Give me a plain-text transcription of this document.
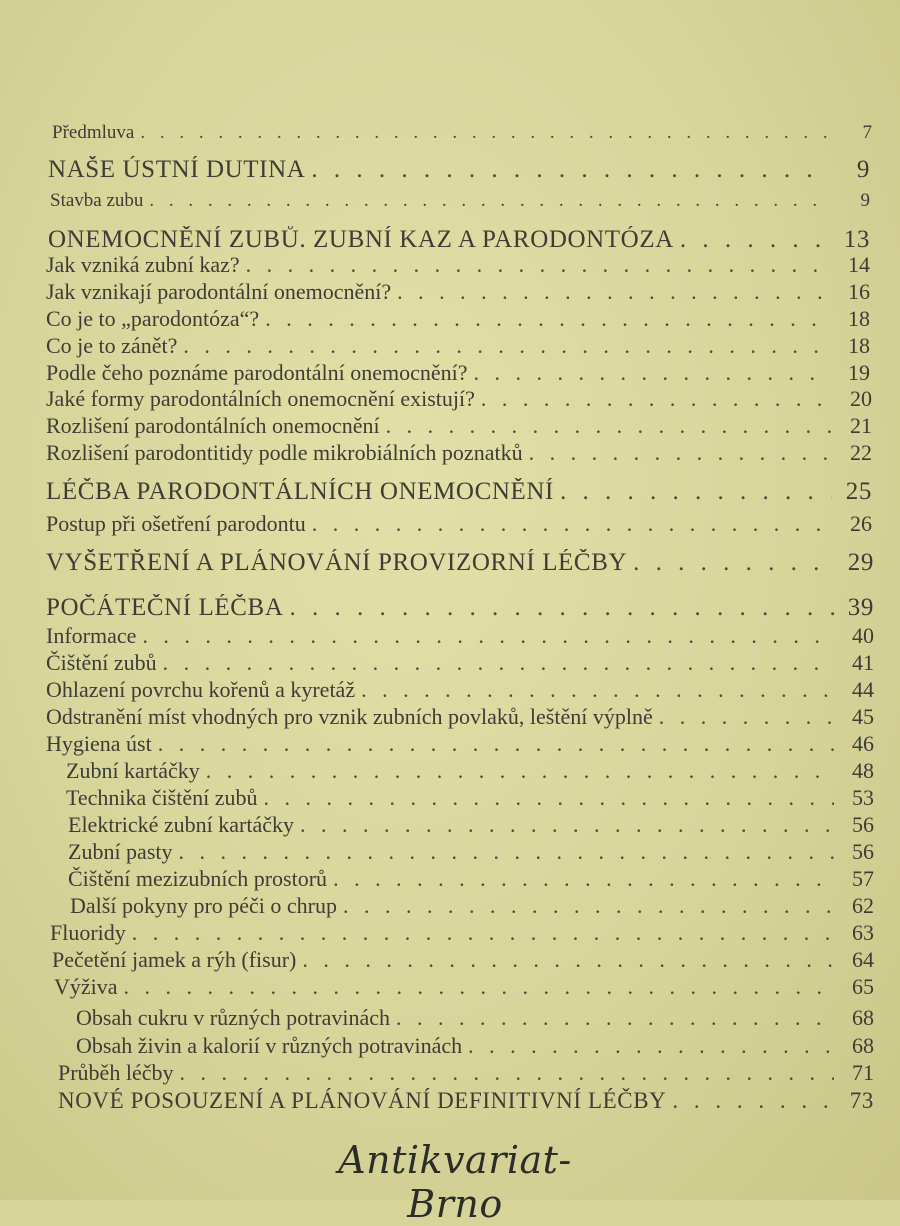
Předmluva . . .	7
NAŠE ÚSTNÍ DUTINA . . .	9
Stavba zubu . . .	9
ONEMOCNĚNÍ ZUBŮ. ZUBNÍ KAZ A PARODONTÓZA . . .	13
Jak vzniká zubní kaz? . . .	14
Jak vznikají parodontální onemocnění? . . .	16
Co je to „parodontóza“? . . .	18
Co je to zánět? . . .	18
Podle čeho poznáme parodontální onemocnění? . . .	19
Jaké formy parodontálních onemocnění existují? . . .	20
Rozlišení parodontálních onemocnění . . .	21
Rozlišení parodontitidy podle mikrobiálních poznatků . . .	22
LÉČBA PARODONTÁLNÍCH ONEMOCNĚNÍ . . .	25
Postup při ošetření parodontu . . .	26
VYŠETŘENÍ A PLÁNOVÁNÍ PROVIZORNÍ LÉČBY . . .	29
POČÁTEČNÍ LÉČBA . . .	39
Informace . . .	40
Čištění zubů . . .	41
Ohlazení povrchu kořenů a kyretáž . . .	44
Odstranění míst vhodných pro vznik zubních povlaků, leštění výplně . . .	45
Hygiena úst . . .	46
Zubní kartáčky . . .	48
Technika čištění zubů . . .	53
Elektrické zubní kartáčky . . .	56
Zubní pasty . . .	56
Čištění mezizubních prostorů . . .	57
Další pokyny pro péči o chrup . . .	62
Fluoridy . . .	63
Pečetění jamek a rýh (fisur) . . .	64
Výživa . . .	65
Obsah cukru v různých potravinách . . .	68
Obsah živin a kalorií v různých potravinách . . .	68
Průběh léčby . . .	71
NOVÉ POSOUZENÍ A PLÁNOVÁNÍ DEFINITIVNÍ LÉČBY . . .	73
Antikvariat-Brno
